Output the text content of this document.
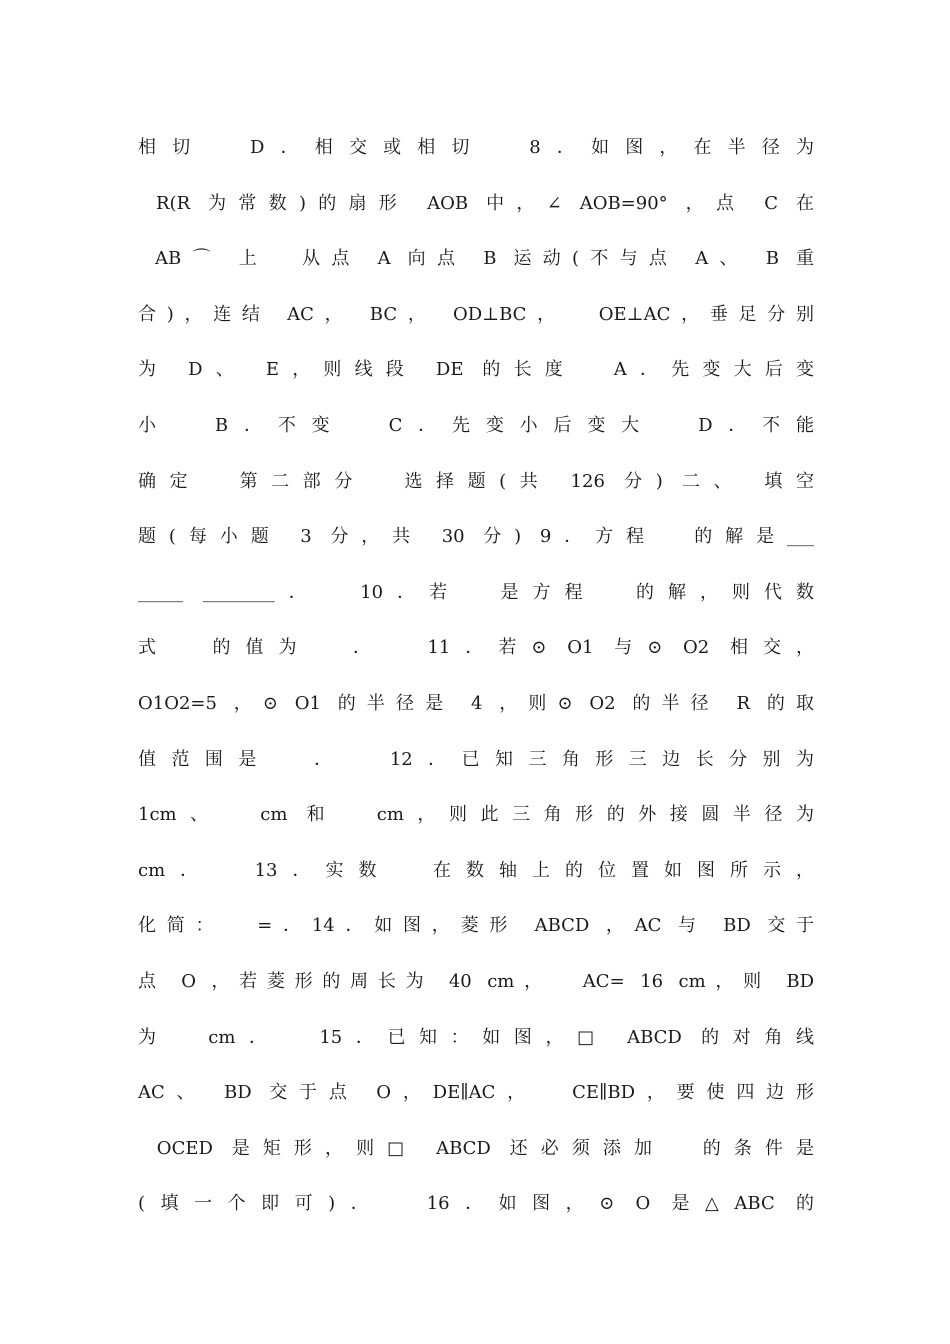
相切  D．相交或相切  8．如图，在半径为
R(R 为常数)的扇形 AOB 中，∠ AOB=90° ，点 C 在
AB⌒ 上  从点 A 向点 B 运动(不与点 A、 B 重
合)，连结 AC， BC， OD⊥BC，  OE⊥AC，垂足分别
为 D、 E，则线段 DE 的长度  A．先变大后变
小  B．不变  C．先变小后变大  D．不能
确定  第二部分  选择题(共 126 分) 二、 填空
题(每小题 3 分，共 30 分) 9．方程  的解是___
_____ ________．  10．若  是方程  的解，则代数
式  的值为  ．  11．若⊙ O1 与⊙ O2 相交，
O1O2=5 ，⊙ O1 的半径是 4 ，则⊙ O2 的半径 R 的取
值范围是  ．  12．已知三角形三边长分别为
1cm、  cm 和  cm，则此三角形的外接圆半径为
cm．  13．实数  在数轴上的位置如图所示，
化简：  =．14．如图，菱形 ABCD ，AC 与 BD 交于
点 O ，若菱形的周长为 40 cm，  AC= 16 cm，则 BD
为  cm．  15．已知：如图，□ ABCD 的对角线
AC、 BD 交于点 O，DE∥AC，  CE∥BD，要使四边形
OCED 是矩形，则□ ABCD 还必须添加  的条件是
(填一个即可)．  16．如图，⊙ O 是△ABC 的
